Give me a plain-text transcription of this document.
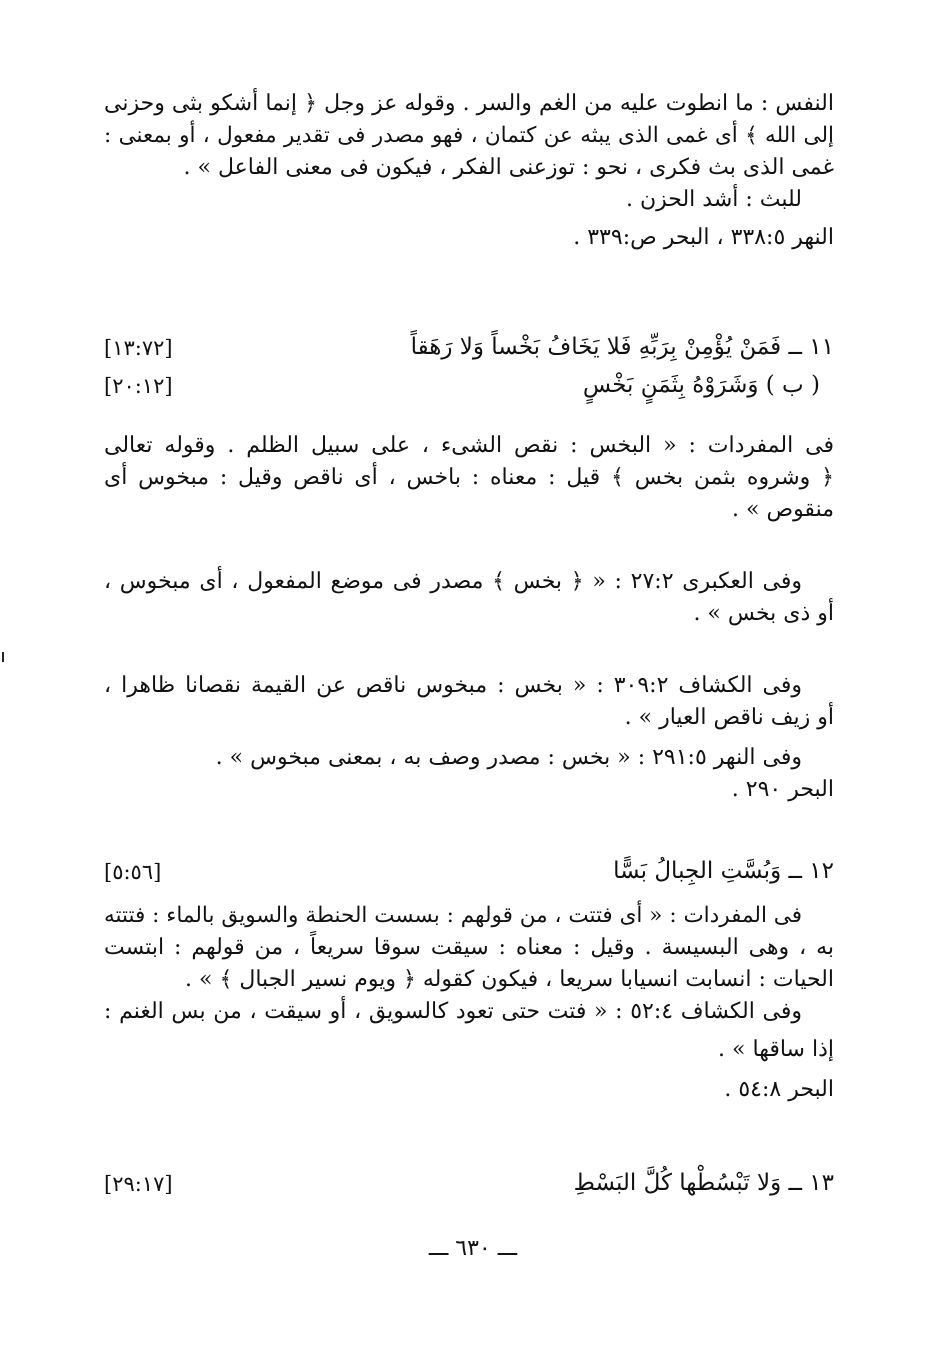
النفس : ما انطوت عليه من الغم والسر . وقوله عز وجل ﴿ إنما أشكو بثى وحزنى
إلى الله ﴾ أى غمى الذى يبثه عن كتمان ، فهو مصدر فى تقدير مفعول ، أو بمعنى :
غمى الذى بث فكرى ، نحو : توزعنى الفكر ، فيكون فى معنى الفاعل » .
للبث : أشد الحزن .
النهر ٣٣٨:٥ ، البحر ص:٣٣٩ .
١١ ــ فَمَنْ يُؤْمِنْ بِرَبِّهِ فَلا يَخَافُ بَخْساً وَلا رَهَقاً
[١٣:٧٢]
( ب ) وَشَرَوْهُ بِثَمَنٍ بَخْسٍ
[٢٠:١٢]
فى المفردات : « البخس : نقص الشىء ، على سبيل الظلم . وقوله تعالى
﴿ وشروه بثمن بخس ﴾ قيل : معناه : باخس ، أى ناقص وقيل : مبخوس أى
منقوص » .
وفى العكبرى ٢٧:٢ : « ﴿ بخس ﴾ مصدر فى موضع المفعول ، أى مبخوس ،
أو ذى بخس » .
وفى الكشاف ٣٠٩:٢ : « بخس : مبخوس ناقص عن القيمة نقصانا ظاهرا ،
أو زيف ناقص العيار » .
وفى النهر ٢٩١:٥ : « بخس : مصدر وصف به ، بمعنى مبخوس » .
البحر ٢٩٠ .
١٢ ــ وَبُسَّتِ الجِبالُ بَسًّا
[٥:٥٦]
فى المفردات : « أى فتتت ، من قولهم : بسست الحنطة والسويق بالماء : فتتته
به ، وهى البسيسة . وقيل : معناه : سيقت سوقا سريعاً ، من قولهم : ابتست
الحيات : انسابت انسيابا سريعا ، فيكون كقوله ﴿ ويوم نسير الجبال ﴾ » .
وفى الكشاف ٥٢:٤ : « فتت حتى تعود كالسويق ، أو سيقت ، من بس الغنم :
إذا ساقها » .
البحر ٥٤:٨ .
١٣ ــ وَلا تَبْسُطْها كُلَّ البَسْطِ
[٢٩:١٧]
ـــ ٦٣٠ ـــ
